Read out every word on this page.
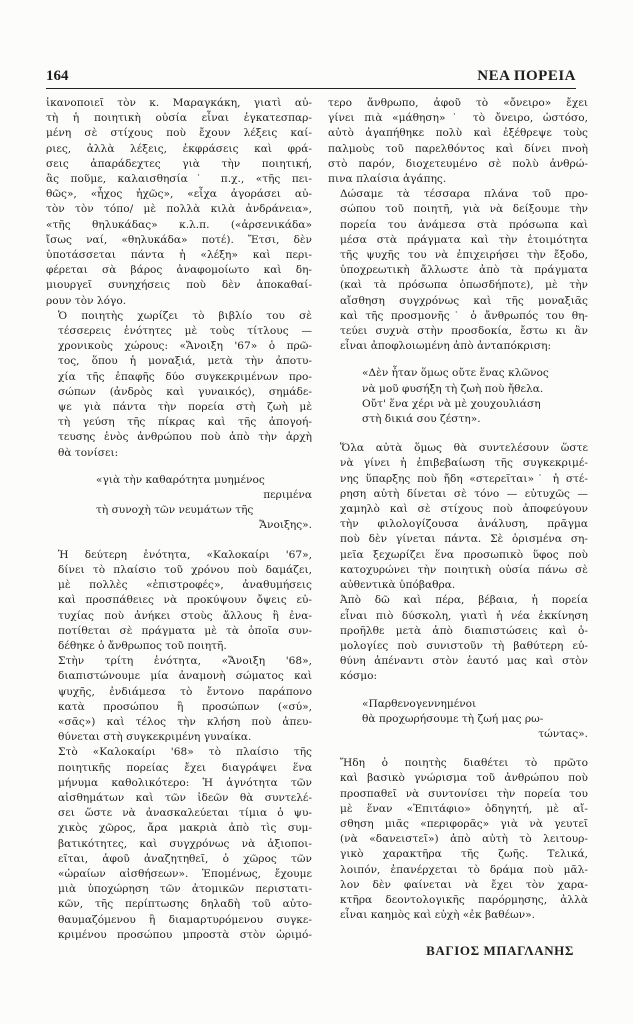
164	ΝΕΑ ΠΟΡΕΙΑ

ἱκανοποιεῖ τὸν κ. Μαραγκάκη, γιατὶ αὐ-
τὴ ἡ ποιητικὴ οὐσία εἶναι ἐγκατεσπαρ-
μένη σὲ στίχους ποὺ ἔχουν λέξεις καί-
ριες, ἀλλὰ λέξεις, ἐκφράσεις καὶ φρά-
σεις ἀπαράδεχτες γιὰ τὴν ποιητική,
ἂς ποῦμε, καλαισθησία˙ π.χ., «τῆς πει-
θῶς», «ἦχος ἠχῶς», «εἶχα ἀγοράσει αὐ-
τὸν τὸν τόπο/ μὲ πολλὰ κιλὰ ἀνδράνεια»,
«τῆς θηλυκάδας» κ.λ.π. («ἀρσενικάδα»
ἴσως ναί, «θηλυκάδα» ποτέ). Ἔτσι, δὲν
ὑποτάσσεται πάντα ἡ «λέξη» καὶ περι-
φέρεται σὰ βάρος ἀναφομοίωτο καὶ δη-
μιουργεῖ συνηχήσεις ποὺ δὲν ἀποκαθαί-
ρουν τὸν λόγο.

Ὁ ποιητὴς χωρίζει τὸ βιβλίο του σὲ
τέσσερεις ἑνότητες μὲ τοὺς τίτλους —
χρονικοὺς χώρους: «Ἄνοιξη '67» ὁ πρῶ-
τος, ὅπου ἡ μοναξιά, μετὰ τὴν ἀποτυ-
χία τῆς ἐπαφῆς δύο συγκεκριμένων προ-
σώπων (ἀνδρὸς καὶ γυναικός), σημάδε-
ψε γιὰ πάντα τὴν πορεία στὴ ζωὴ μὲ
τὴ γεύση τῆς πίκρας καὶ τῆς ἀπογοή-
τευσης ἑνὸς ἀνθρώπου ποὺ ἀπὸ τὴν ἀρχὴ
θὰ τονίσει:

«γιὰ τὴν καθαρότητα μυημένος
περιμένα
τὴ συνοχὴ τῶν νευμάτων τῆς
Ἄνοιξης».

Ἡ δεύτερη ἑνότητα, «Καλοκαίρι '67»,
δίνει τὸ πλαίσιο τοῦ χρόνου ποὺ δαμάζει,
μὲ πολλὲς «ἐπιστροφές», ἀναθυμήσεις
καὶ προσπάθειες νὰ προκύψουν ὄψεις εὐ-
τυχίας ποὺ ἀνήκει στοὺς ἄλλους ἢ ἐνα-
ποτίθεται σὲ πράγματα μὲ τὰ ὁποῖα συν-
δέθηκε ὁ ἄνθρωπος τοῦ ποιητῆ.

Στὴν τρίτη ἑνότητα, «Ἄνοιξη '68»,
διαπιστώνουμε μία ἀναμονὴ σώματος καὶ
ψυχῆς, ἐνδιάμεσα τὸ ἔντονο παράπονο
κατὰ προσώπου ἢ προσώπων («σύ»,
«σᾶς») καὶ τέλος τὴν κλήση ποὺ ἀπευ-
θύνεται στὴ συγκεκριμένη γυναίκα.

Στὸ «Καλοκαίρι '68» τὸ πλαίσιο τῆς
ποιητικῆς πορείας ἔχει διαγράψει ἕνα
μήνυμα καθολικότερο: Ἡ ἁγνότητα τῶν
αἰσθημάτων καὶ τῶν ἰδεῶν θὰ συντελέ-
σει ὥστε νὰ ἀνασκαλεύεται τίμια ὁ ψυ-
χικὸς χῶρος, ἄρα μακριὰ ἀπὸ τὶς συμ-
βατικότητες, καὶ συγχρόνως νὰ ἀξιοποι-
εῖται, ἀφοῦ ἀναζητηθεῖ, ὁ χῶρος τῶν
«ὡραίων αἰσθήσεων». Ἑπομένως, ἔχουμε
μιὰ ὑποχώρηση τῶν ἀτομικῶν περιστατι-
κῶν, τῆς περίπτωσης δηλαδὴ τοῦ αὐτο-
θαυμαζόμενου ἢ διαμαρτυρόμενου συγκε-
κριμένου προσώπου μπροστὰ στὸν ὡριμό-

τερο ἄνθρωπο, ἀφοῦ τὸ «ὄνειρο» ἔχει
γίνει πιὰ «μάθηση»˙ τὸ ὄνειρο, ὡστόσο,
αὐτὸ ἀγαπήθηκε πολὺ καὶ ἐξέθρεψε τοὺς
παλμοὺς τοῦ παρελθόντος καὶ δίνει πνοὴ
στὸ παρόν, διοχετευμένο σὲ πολὺ ἀνθρώ-
πινα πλαίσια ἀγάπης.

Δώσαμε τὰ τέσσαρα πλάνα τοῦ προ-
σώπου τοῦ ποιητῆ, γιὰ νὰ δείξουμε τὴν
πορεία του ἀνάμεσα στὰ πρόσωπα καὶ
μέσα στὰ πράγματα καὶ τὴν ἑτοιμότητα
τῆς ψυχῆς του νὰ ἐπιχειρήσει τὴν ἔξοδο,
ὑποχρεωτικὴ ἄλλωστε ἀπὸ τὰ πράγματα
(καὶ τὰ πρόσωπα ὁπωσδήποτε), μὲ τὴν
αἴσθηση συγχρόνως καὶ τῆς μοναξιᾶς
καὶ τῆς προσμονῆς˙ ὁ ἄνθρωπός του θη-
τεύει συχνὰ στὴν προσδοκία, ἔστω κι ἂν
εἶναι ἀποφλοιωμένη ἀπὸ ἀνταπόκριση:

«Δὲν ἦταν ὅμως οὔτε ἕνας κλῶνος
νὰ μοῦ φυσήξη τὴ ζωὴ ποὺ ἤθελα.
Οὔτ' ἕνα χέρι νὰ μὲ χουχουλιάση
στὴ δικιά σου ζέστη».

Ὅλα αὐτὰ ὅμως θὰ συντελέσουν ὥστε
νὰ γίνει ἡ ἐπιβεβαίωση τῆς συγκεκριμέ-
νης ὕπαρξης ποὺ ἤδη «στερεῖται»˙ ἡ στέ-
ρηση αὐτὴ δίνεται σὲ τόνο — εὐτυχῶς —
χαμηλὸ καὶ σὲ στίχους ποὺ ἀποφεύγουν
τὴν φιλολογίζουσα ἀνάλυση, πρᾶγμα
ποὺ δὲν γίνεται πάντα. Σὲ ὁρισμένα ση-
μεῖα ξεχωρίζει ἕνα προσωπικὸ ὕφος ποὺ
κατοχυρώνει τὴν ποιητικὴ οὐσία πάνω σὲ
αὐθεντικὰ ὑπόβαθρα.

Ἀπὸ δῶ καὶ πέρα, βέβαια, ἡ πορεία
εἶναι πιὸ δύσκολη, γιατὶ ἡ νέα ἐκκίνηση
προῆλθε μετὰ ἀπὸ διαπιστώσεις καὶ ὁ-
μολογίες ποὺ συνιστοῦν τὴ βαθύτερη εὐ-
θύνη ἀπέναντι στὸν ἑαυτό μας καὶ στὸν
κόσμο:

«Παρθενογεννημένοι
θὰ προχωρήσουμε τὴ ζωή μας ρω-
τώντας».

Ἤδη ὁ ποιητὴς διαθέτει τὸ πρῶτο
καὶ βασικὸ γνώρισμα τοῦ ἀνθρώπου ποὺ
προσπαθεῖ νὰ συντονίσει τὴν πορεία του
μὲ ἕναν «Ἐπιτάφιο» ὁδηγητή, μὲ αἴ-
σθηση μιᾶς «περιφορᾶς» γιὰ νὰ γευτεῖ
(νὰ «δανειστεῖ») ἀπὸ αὐτὴ τὸ λειτουρ-
γικὸ χαρακτῆρα τῆς ζωῆς. Τελικά,
λοιπόν, ἐπανέρχεται τὸ δράμα ποὺ μᾶλ-
λον δὲν φαίνεται νὰ ἔχει τὸν χαρα-
κτῆρα δεοντολογικῆς παρόρμησης, ἀλλὰ
εἶναι καημὸς καὶ εὐχὴ «ἐκ βαθέων».

ΒΑΓΙΟΣ ΜΠΑΓΛΑΝΗΣ
